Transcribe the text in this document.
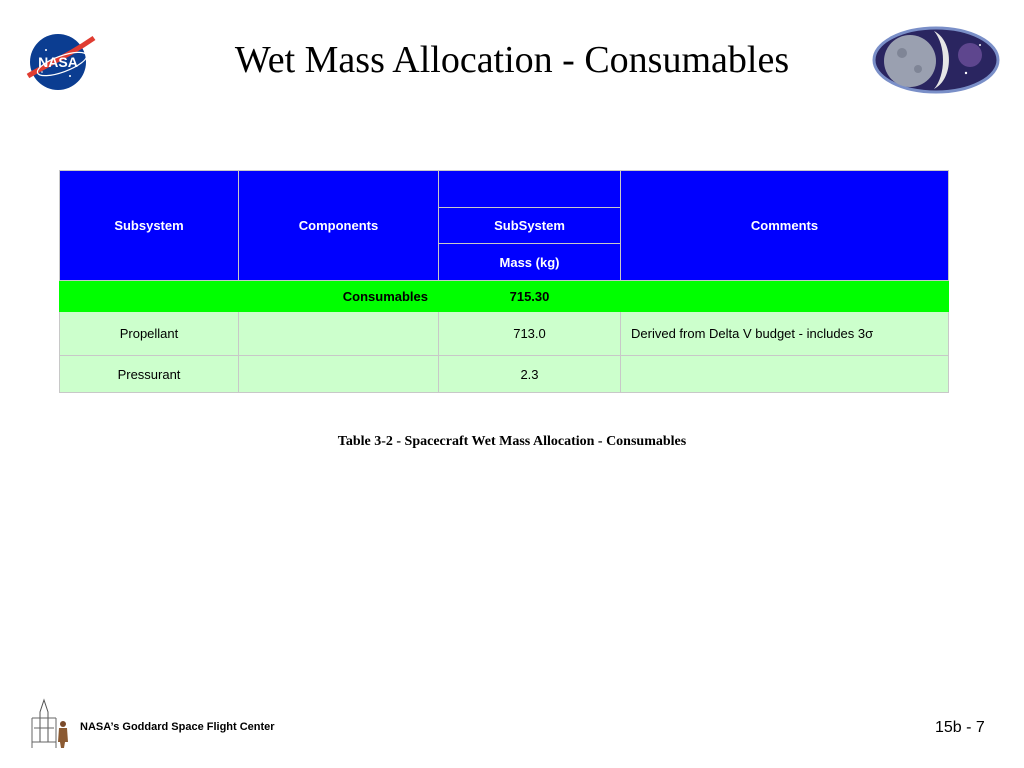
NASA	Wet Mass Allocation - Consumables
Subsystem	Components		Comments
		SubSystem	
		Mass (kg)	
Consumables		715.30	
Propellant		713.0	Derived from Delta V budget - includes 3σ
Pressurant		2.3	
Table 3-2 - Spacecraft Wet Mass Allocation - Consumables
NASA’s Goddard Space Flight Center	15b - 7
